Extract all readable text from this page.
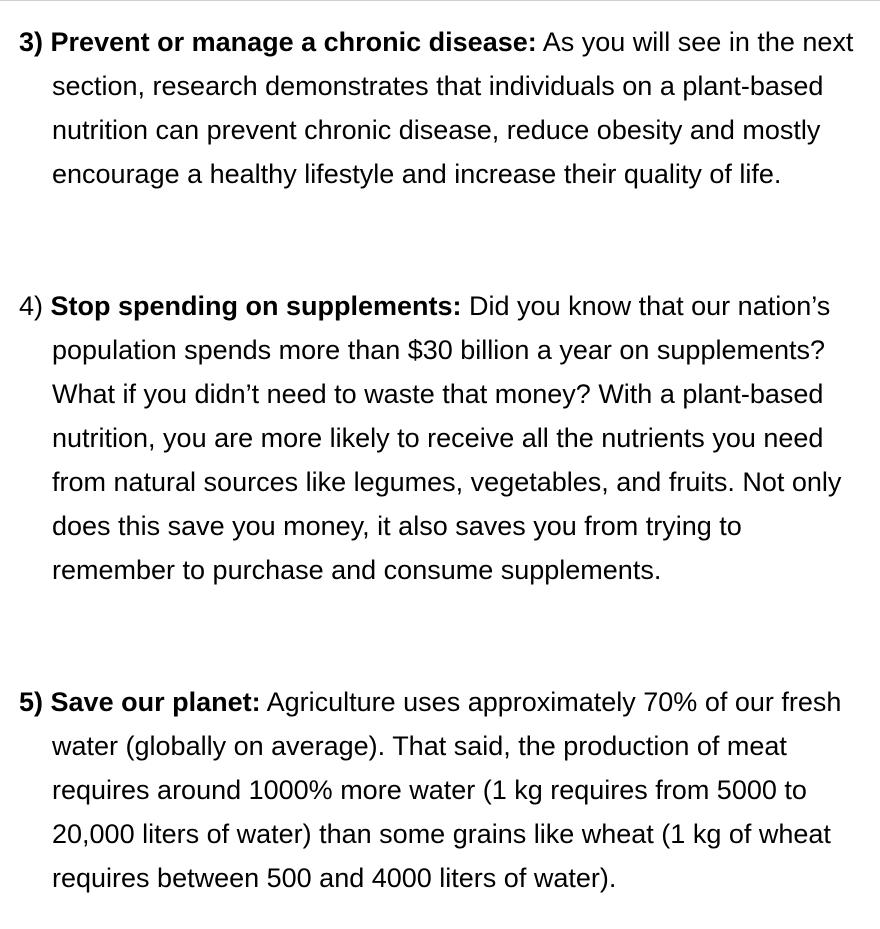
3) Prevent or manage a chronic disease: As you will see in the next section, research demonstrates that individuals on a plant-based nutrition can prevent chronic disease, reduce obesity and mostly encourage a healthy lifestyle and increase their quality of life.

4) Stop spending on supplements: Did you know that our nation’s population spends more than $30 billion a year on supplements? What if you didn’t need to waste that money? With a plant-based nutrition, you are more likely to receive all the nutrients you need from natural sources like legumes, vegetables, and fruits. Not only does this save you money, it also saves you from trying to remember to purchase and consume supplements.

5) Save our planet: Agriculture uses approximately 70% of our fresh water (globally on average). That said, the production of meat requires around 1000% more water (1 kg requires from 5000 to 20,000 liters of water) than some grains like wheat (1 kg of wheat requires between 500 and 4000 liters of water).
